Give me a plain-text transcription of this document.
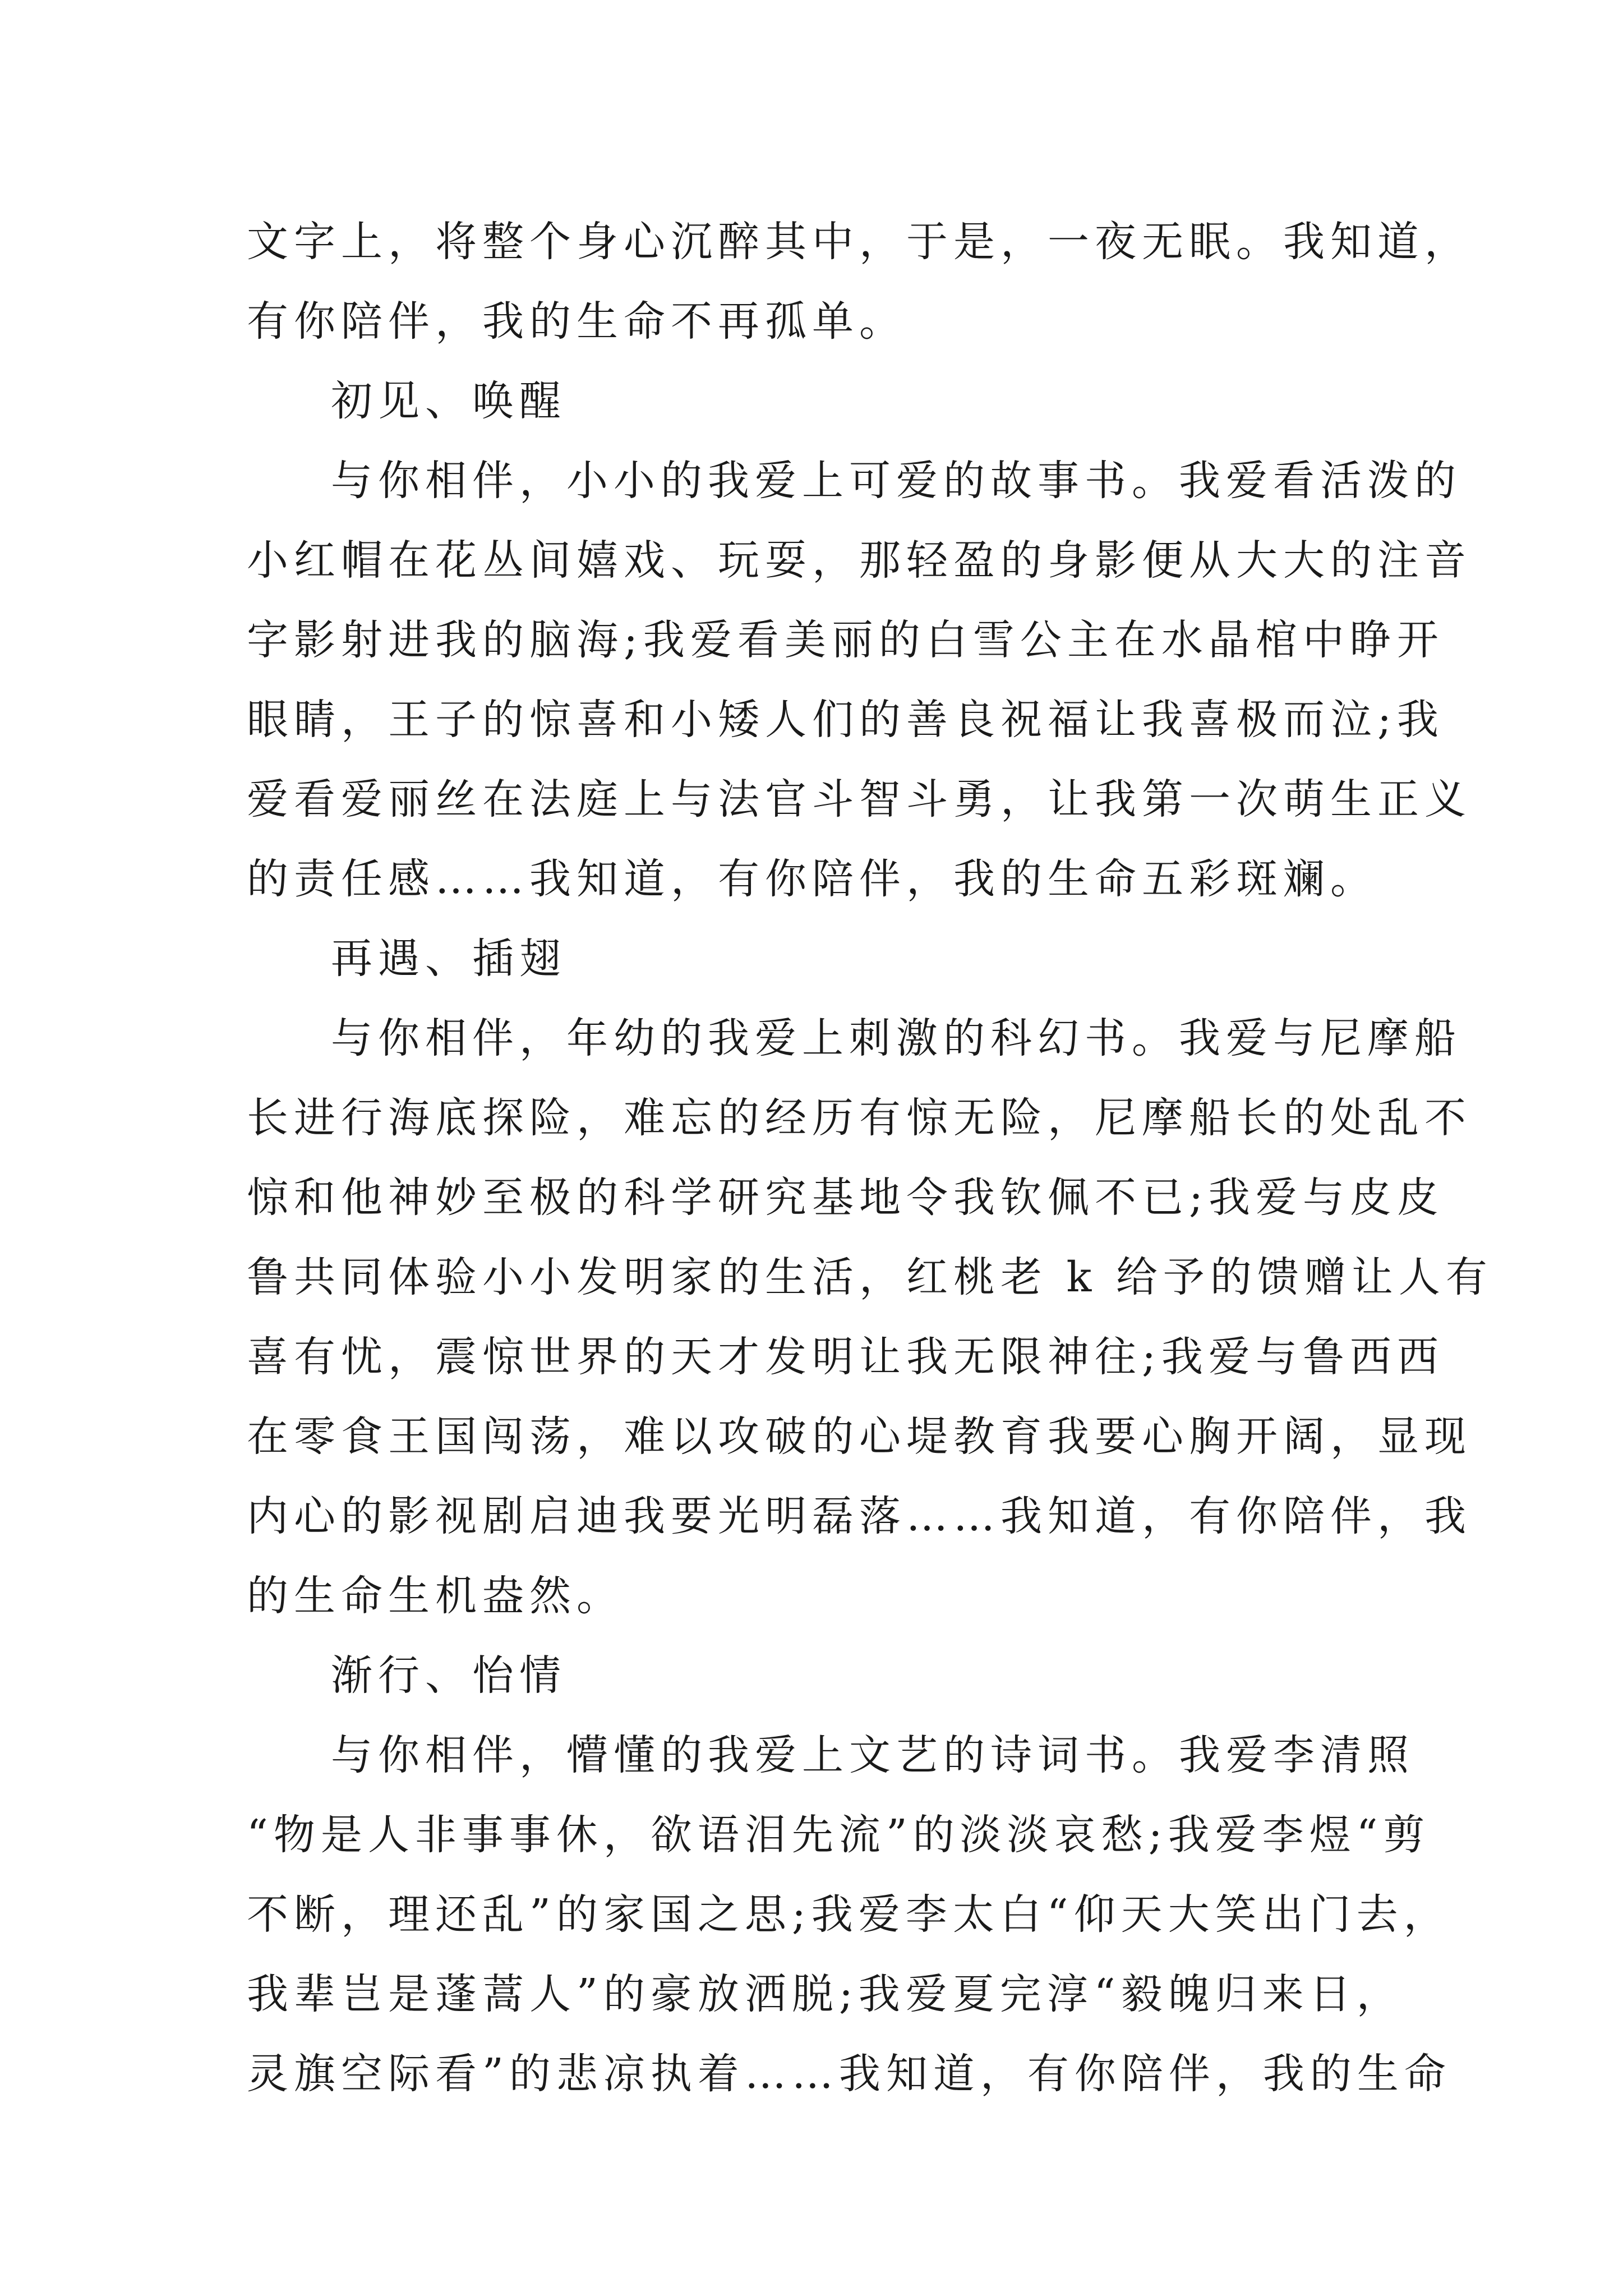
文字上，将整个身心沉醉其中，于是，一夜无眠。我知道，
有你陪伴，我的生命不再孤单。
初见、唤醒
与你相伴，小小的我爱上可爱的故事书。我爱看活泼的
小红帽在花丛间嬉戏、玩耍，那轻盈的身影便从大大的注音
字影射进我的脑海;我爱看美丽的白雪公主在水晶棺中睁开
眼睛，王子的惊喜和小矮人们的善良祝福让我喜极而泣;我
爱看爱丽丝在法庭上与法官斗智斗勇，让我第一次萌生正义
的责任感……我知道，有你陪伴，我的生命五彩斑斓。
再遇、插翅
与你相伴，年幼的我爱上刺激的科幻书。我爱与尼摩船
长进行海底探险，难忘的经历有惊无险，尼摩船长的处乱不
惊和他神妙至极的科学研究基地令我钦佩不已;我爱与皮皮
鲁共同体验小小发明家的生活，红桃老 k 给予的馈赠让人有
喜有忧，震惊世界的天才发明让我无限神往;我爱与鲁西西
在零食王国闯荡，难以攻破的心堤教育我要心胸开阔，显现
内心的影视剧启迪我要光明磊落……我知道，有你陪伴，我
的生命生机盎然。
渐行、怡情
与你相伴，懵懂的我爱上文艺的诗词书。我爱李清照
“物是人非事事休，欲语泪先流”的淡淡哀愁;我爱李煜“剪
不断，理还乱”的家国之思;我爱李太白“仰天大笑出门去，
我辈岂是蓬蒿人”的豪放洒脱;我爱夏完淳“毅魄归来日，
灵旗空际看”的悲凉执着……我知道，有你陪伴，我的生命
